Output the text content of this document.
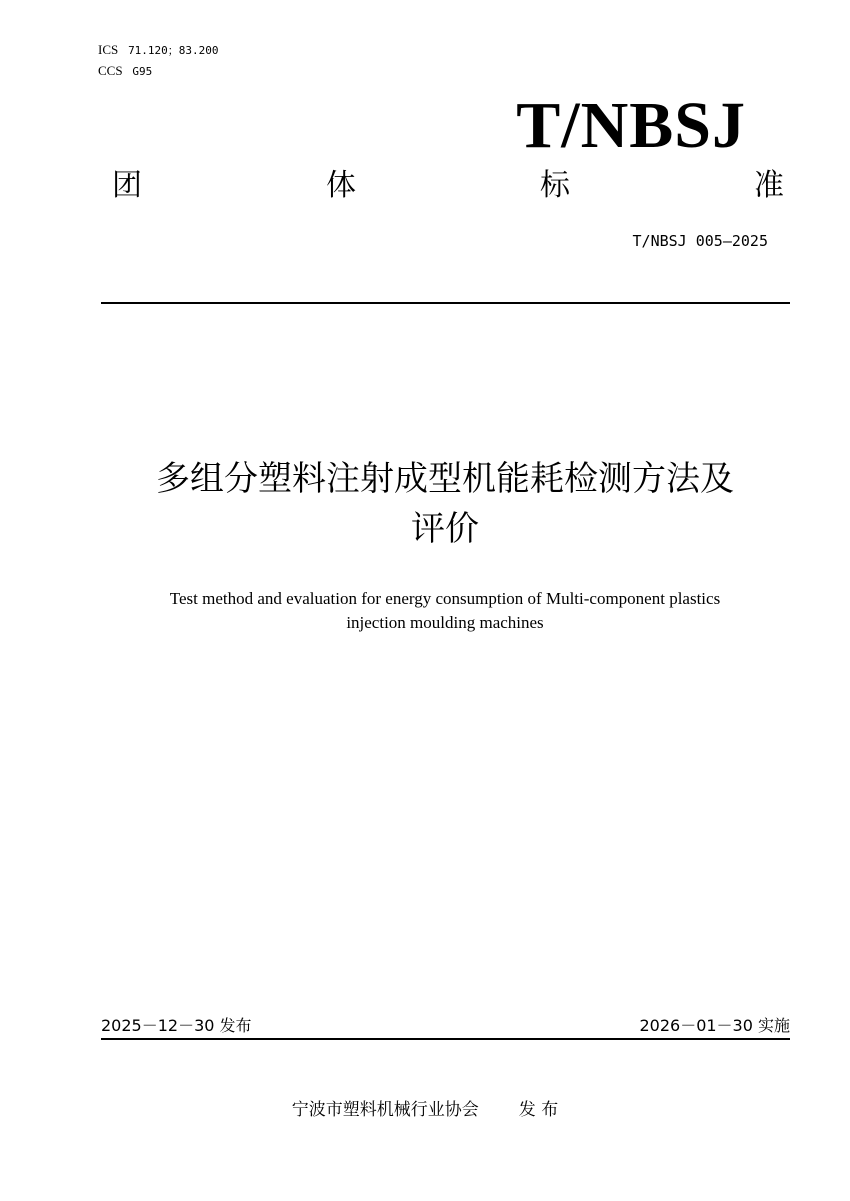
ICS 71.120；83.200
CCS G95
T/NBSJ
团	体	标	准
T/NBSJ 005—2025
多组分塑料注射成型机能耗检测方法及
评价
Test method and evaluation for energy consumption of Multi-component plastics
injection moulding machines
2025－12－30 发布	2026－01－30 实施
宁波市塑料机械行业协会 发 布
